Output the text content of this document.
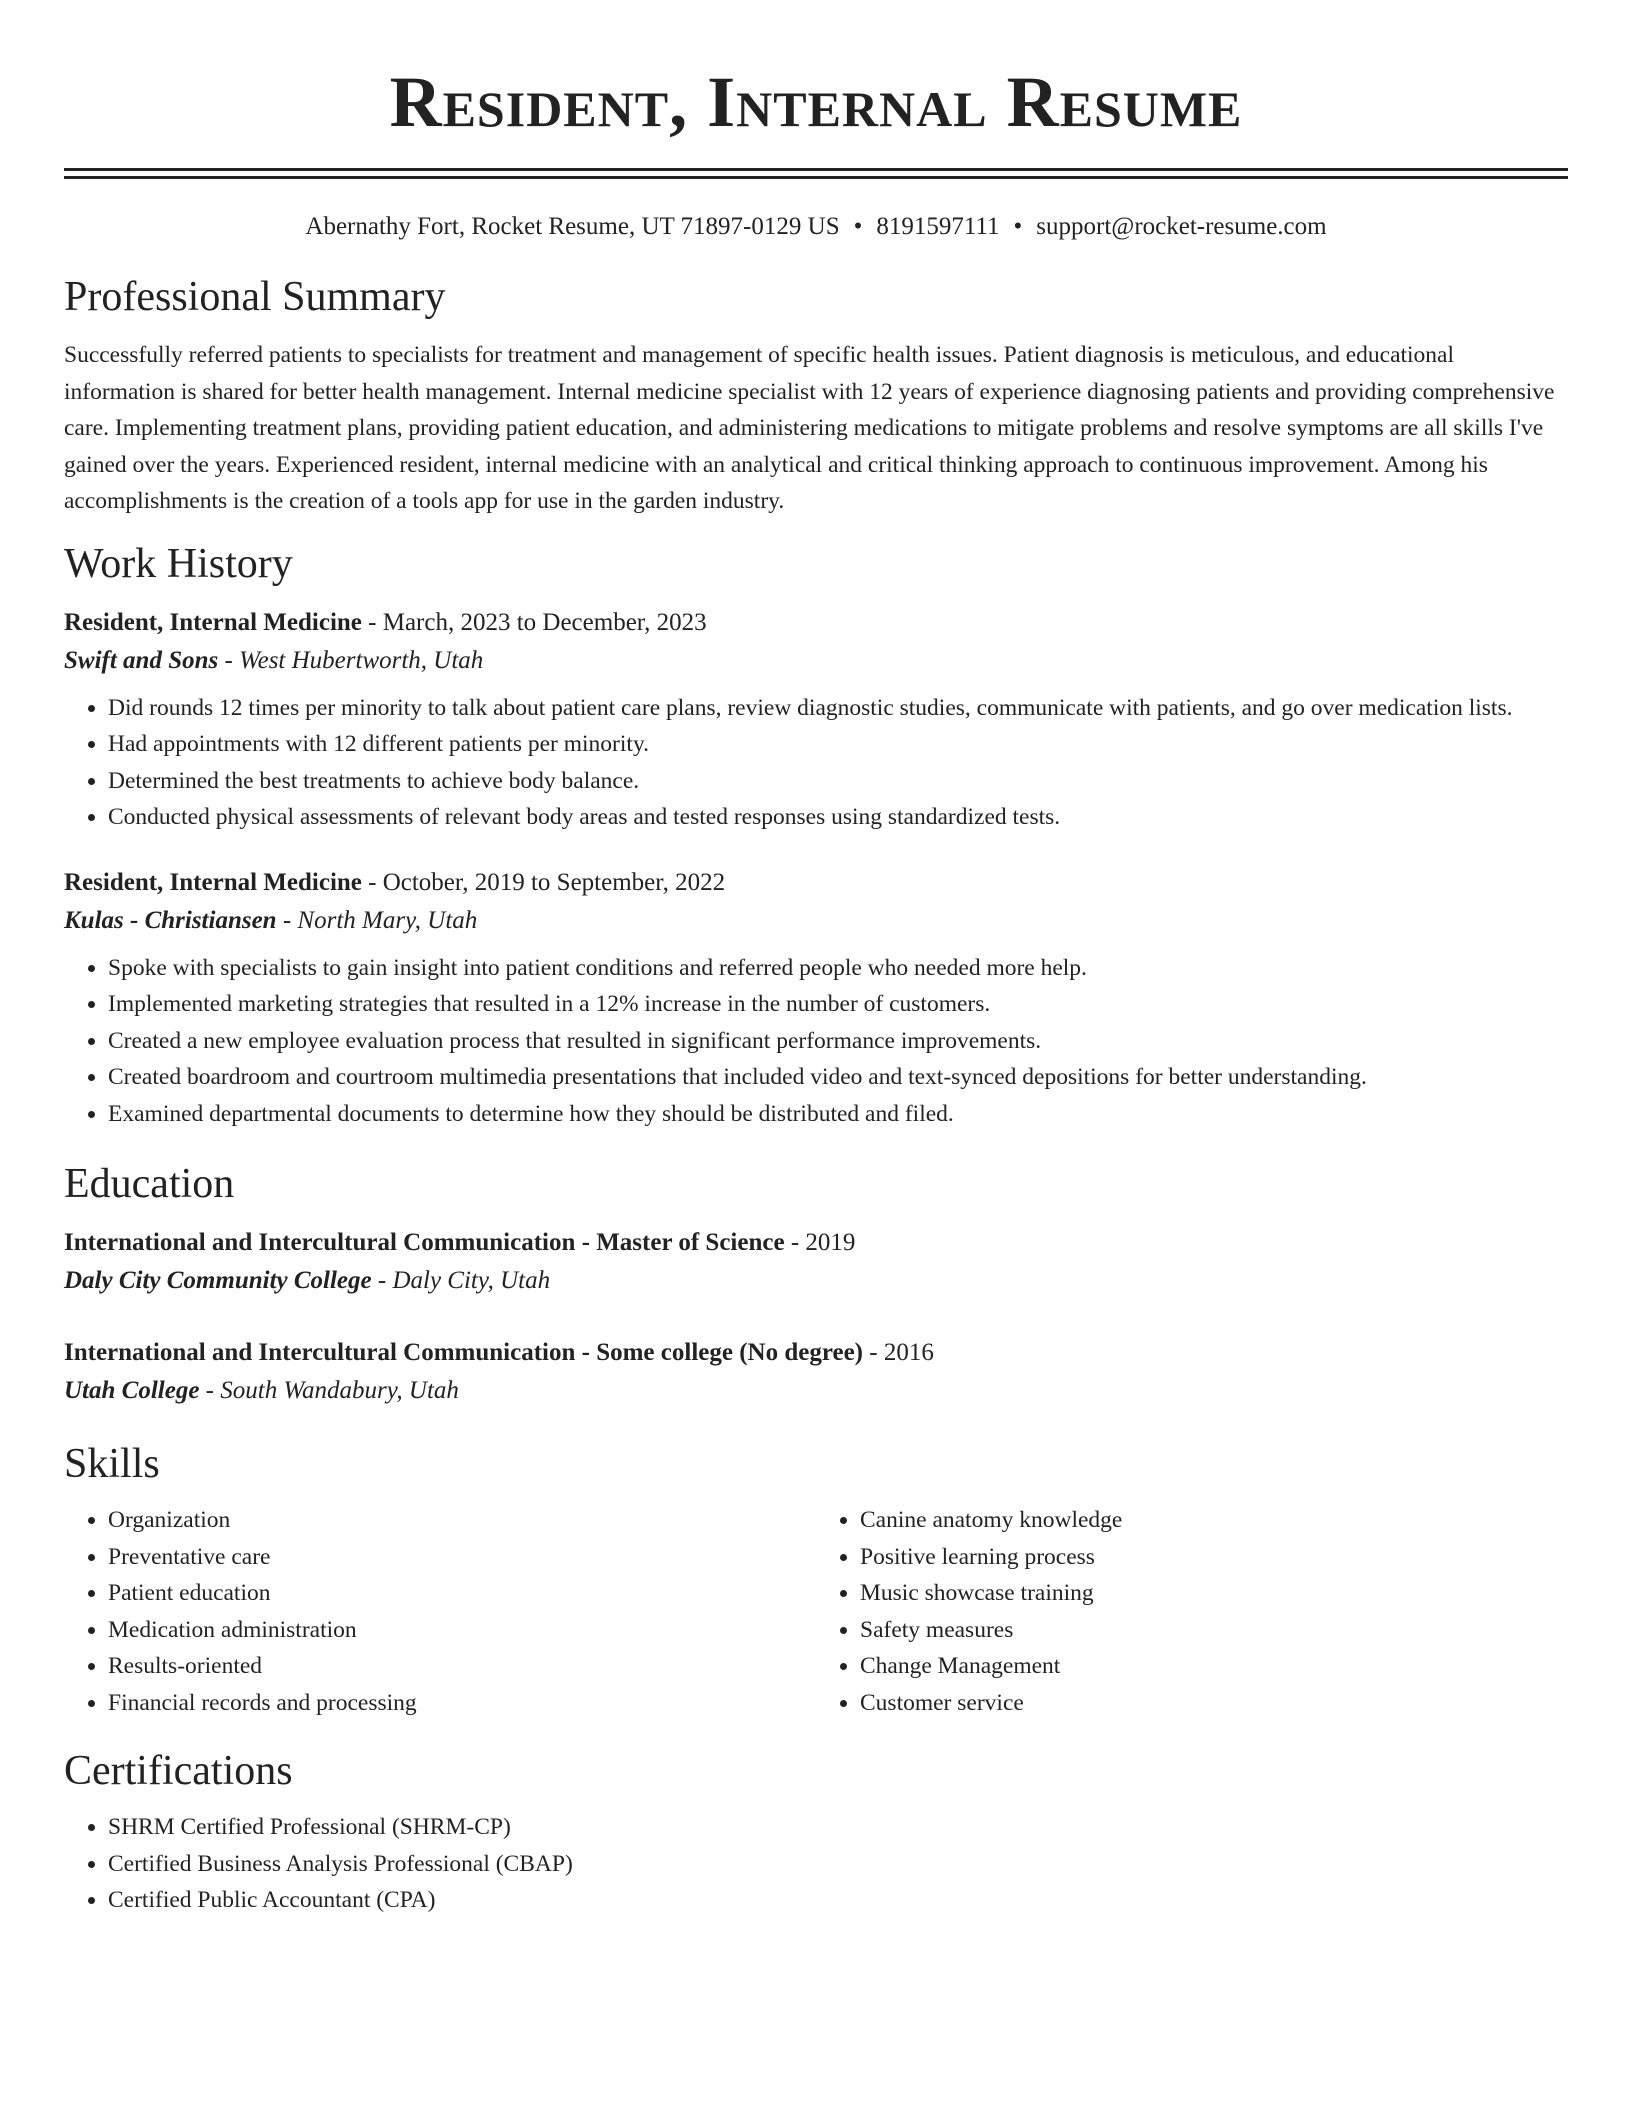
Resident, Internal Resume
Abernathy Fort, Rocket Resume, UT 71897-0129 US • 8191597111 • support@rocket-resume.com
Professional Summary

Successfully referred patients to specialists for treatment and management of specific health issues. Patient diagnosis is meticulous, and educational information is shared for better health management. Internal medicine specialist with 12 years of experience diagnosing patients and providing comprehensive care. Implementing treatment plans, providing patient education, and administering medications to mitigate problems and resolve symptoms are all skills I've gained over the years. Experienced resident, internal medicine with an analytical and critical thinking approach to continuous improvement. Among his accomplishments is the creation of a tools app for use in the garden industry.

Work History
Resident, Internal Medicine - March, 2023 to December, 2023
Swift and Sons - West Hubertworth, Utah
• Did rounds 12 times per minority to talk about patient care plans, review diagnostic studies, communicate with patients, and go over medication lists.
• Had appointments with 12 different patients per minority.
• Determined the best treatments to achieve body balance.
• Conducted physical assessments of relevant body areas and tested responses using standardized tests.
Resident, Internal Medicine - October, 2019 to September, 2022
Kulas - Christiansen - North Mary, Utah
• Spoke with specialists to gain insight into patient conditions and referred people who needed more help.
• Implemented marketing strategies that resulted in a 12% increase in the number of customers.
• Created a new employee evaluation process that resulted in significant performance improvements.
• Created boardroom and courtroom multimedia presentations that included video and text-synced depositions for better understanding.
• Examined departmental documents to determine how they should be distributed and filed.
Education
International and Intercultural Communication - Master of Science - 2019
Daly City Community College - Daly City, Utah
International and Intercultural Communication - Some college (No degree) - 2016
Utah College - South Wandabury, Utah
Skills
• Organization
• Preventative care
• Patient education
• Medication administration
• Results-oriented
• Financial records and processing
• Canine anatomy knowledge
• Positive learning process
• Music showcase training
• Safety measures
• Change Management
• Customer service
Certifications
• SHRM Certified Professional (SHRM-CP)
• Certified Business Analysis Professional (CBAP)
• Certified Public Accountant (CPA)
